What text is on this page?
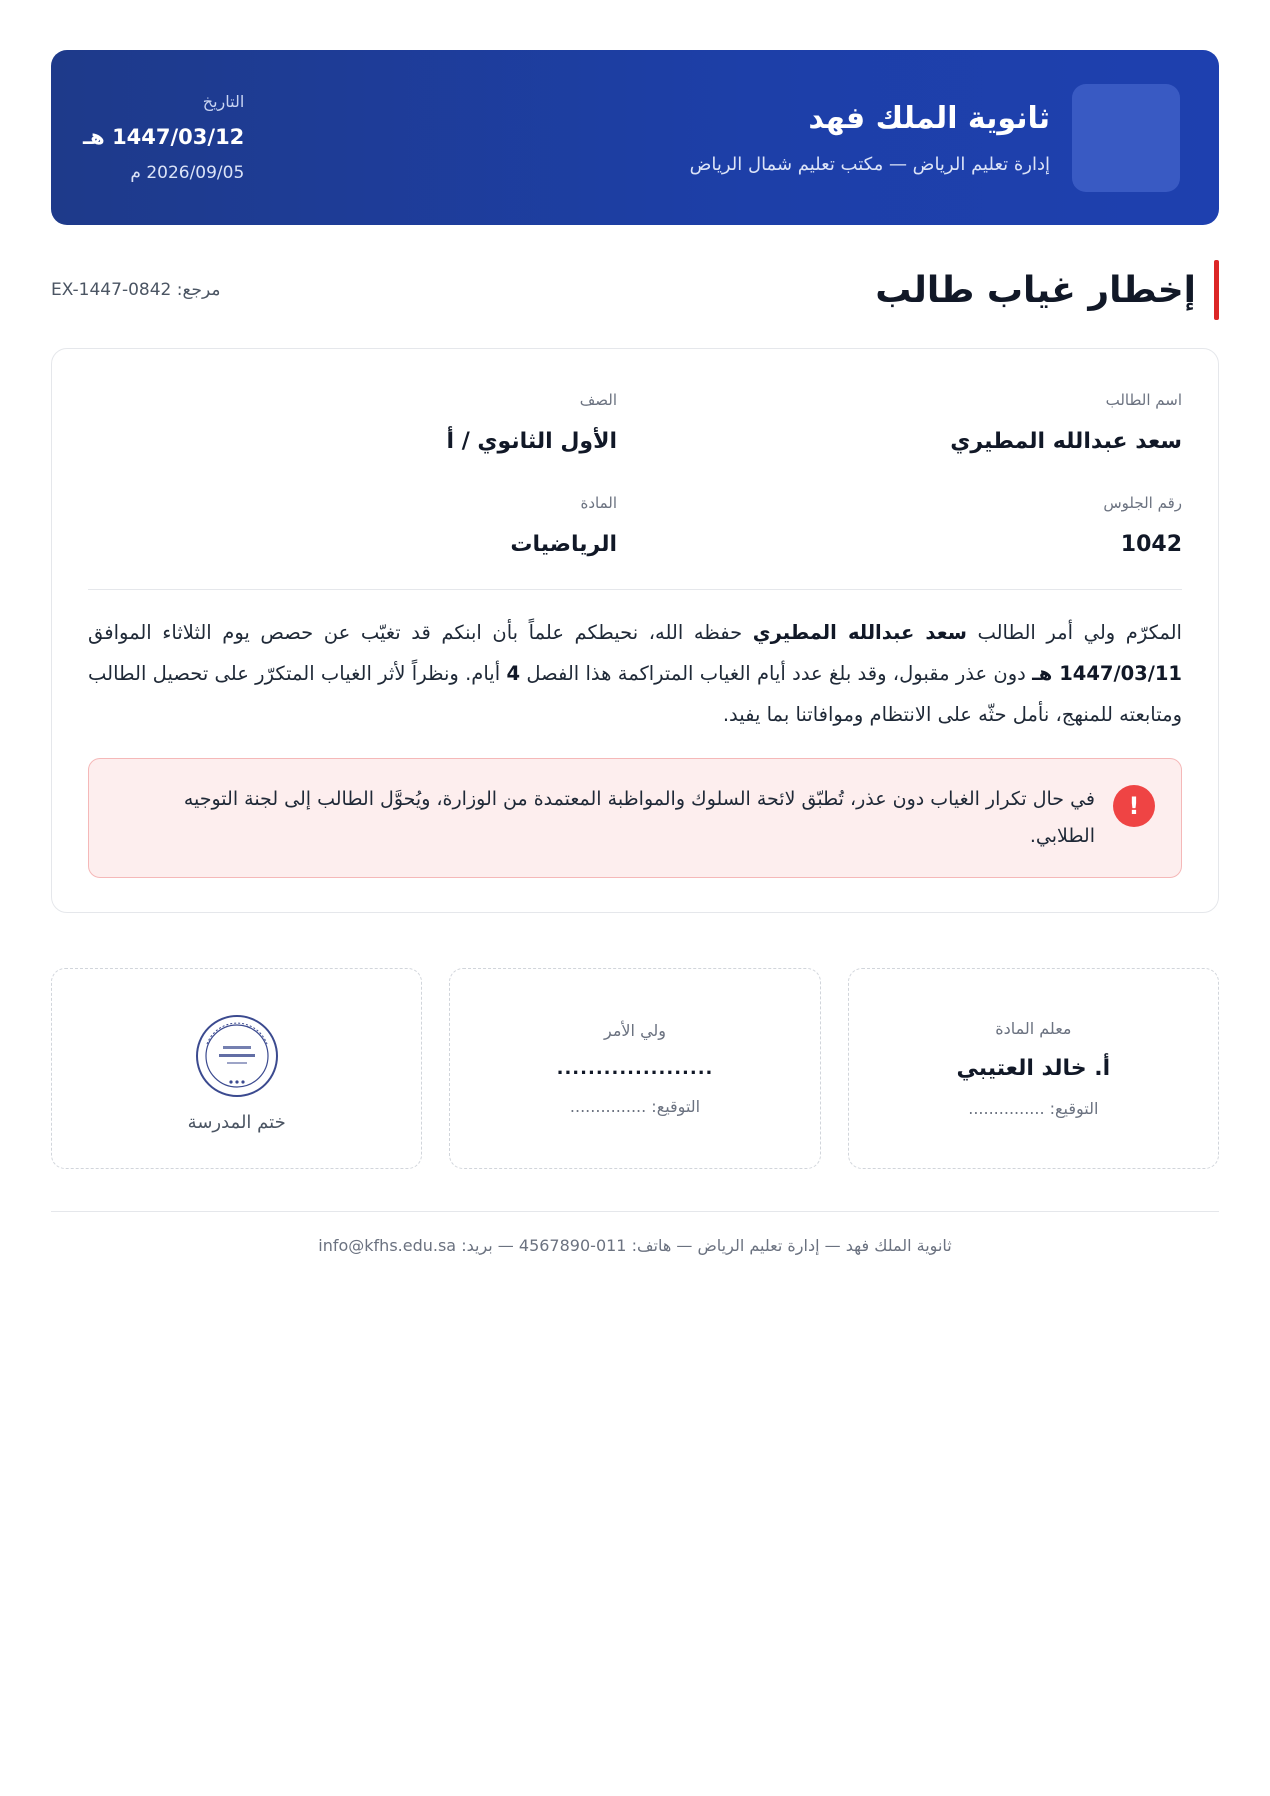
ثانوية الملك فهد
إدارة تعليم الرياض — مكتب تعليم شمال الرياض
التاريخ
1447/03/12 هـ
2026/09/05 م
إخطار غياب طالب
مرجع: EX-1447-0842
اسم الطالب
سعد عبدالله المطيري
الصف
الأول الثانوي / أ
رقم الجلوس
1042
المادة
الرياضيات

المكرّم ولي أمر الطالب سعد عبدالله المطيري حفظه الله، نحيطكم علماً بأن ابنكم قد تغيّب عن حصص يوم الثلاثاء الموافق 1447/03/11 هـ دون عذر مقبول، وقد بلغ عدد أيام الغياب المتراكمة هذا الفصل 4 أيام. ونظراً لأثر الغياب المتكرّر على تحصيل الطالب ومتابعته للمنهج، نأمل حثّه على الانتظام وموافاتنا بما يفيد.

!
في حال تكرار الغياب دون عذر، تُطبّق لائحة السلوك والمواظبة المعتمدة من الوزارة، ويُحوَّل الطالب إلى لجنة التوجيه الطلابي.
معلم المادة
أ. خالد العتيبي
التوقيع: ...............
ولي الأمر
....................
التوقيع: ...............
ختم المدرسة
ثانوية الملك فهد — إدارة تعليم الرياض — هاتف: 011-4567890 — بريد: info@kfhs.edu.sa
